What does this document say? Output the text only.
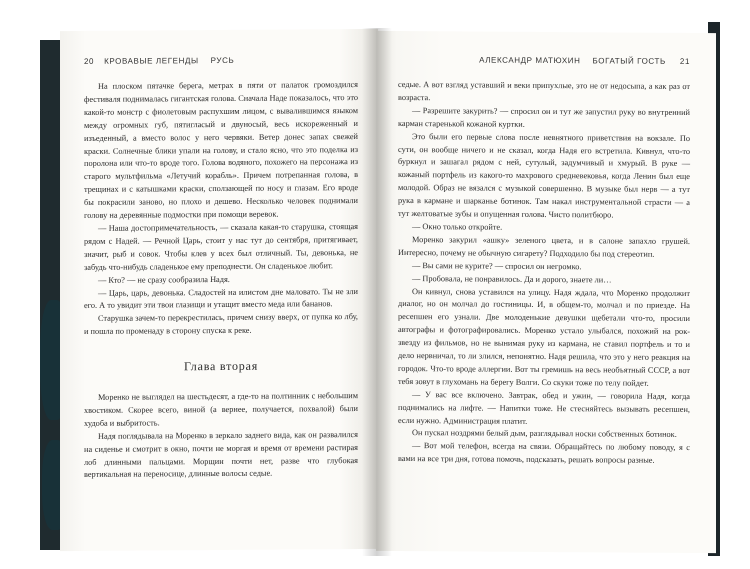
20 КРОВАВЫЕ ЛЕГЕНДЫ РУСЬ

На плоском пятачке берега, метрах в пяти от палаток громоздился фестиваля поднималась гигантская голова. Сначала Наде показалось, что это какой-то монстр с фиолетовым распухшим лицом, с вывалившимся языком между огромных губ, пятигласый и двуносый, весь искореженный и изъеденный, а вместо волос у него червяки. Ветер донес запах свежей краски. Солнечные блики упали на голову, и стало ясно, что это поделка из поролона или что-то вроде того. Голова водяного, похожего на персонажа из старого мультфильма «Летучий корабль». Причем потрепанная голова, в трещинах и с катышками краски, сползающей по носу и глазам. Его вроде бы покрасили заново, но плохо и дешево. Несколько человек поднимали голову на деревянные подмостки при помощи веревок.

— Наша достопримечательность, — сказала какая-то старушка, стоящая рядом с Надей. — Речной Царь, стоит у нас тут до сентября, притягивает, значит, рыб и совок. Чтобы клев у всех был отличный. Ты, девонька, не забудь что-нибудь сладенькое ему преподнести. Он сладенькое любит.

— Кто? — не сразу сообразила Надя.

— Царь, царь, девонька. Сладостей на илистом дне маловато. Ты не зли его. А то увидит эти твои глазищи и утащит вместо меда или бананов.

Старушка зачем-то перекрестилась, причем снизу вверх, от пупка ко лбу, и пошла по променаду в сторону спуска к реке.

Глава вторая

Моренко не выглядел на шестьдесят, а где-то на полтинник с небольшим хвостиком. Скорее всего, виной (а вернее, получается, похвалой) были худоба и выбритость.

Надя поглядывала на Моренко в зеркало заднего вида, как он развалился на сиденье и смотрит в окно, почти не моргая и время от времени растирая лоб длинными пальцами. Морщин почти нет, разве что глубокая вертикальная на переносице, длинные волосы седые.

АЛЕКСАНДР МАТЮХИН БОГАТЫЙ ГОСТЬ 21

седые. А вот взгляд уставший и веки припухлые, это не от недосыпа, а как раз от возраста.

— Разрешите закурить? — спросил он и тут же запустил руку во внутренний карман старенькой кожаной куртки.

Это были его первые слова после невнятного приветствия на вокзале. По сути, он вообще ничего и не сказал, когда Надя его встретила. Кивнул, что-то буркнул и зашагал рядом с ней, сутулый, задумчивый и хмурый. В руке — кожаный портфель из какого-то махрового средневековья, когда Ленин был еще молодой. Образ не вязался с музыкой совершенно. В музыке был нерв — а тут рука в кармане и шарканье ботинок. Там накал инструментальной страсти — а тут желтоватые зубы и опущенная голова. Чисто политбюро.

— Окно только откройте.

Моренко закурил «ашку» зеленого цвета, и в салоне запахло грушей. Интересно, почему не обычную сигарету? Подходило бы под стереотип.

— Вы сами не курите? — спросил он негромко.

— Пробовала, не понравилось. Да и дорого, знаете ли…

Он кивнул, снова уставился на улицу. Надя ждала, что Моренко продолжит диалог, но он молчал до гостиницы. И, в общем-то, молчал и по приезде. На ресепшен его узнали. Две молоденькие девушки щебетали что-то, просили автографы и фотографировались. Моренко устало улыбался, похожий на рок-звезду из фильмов, но не вынимая руку из кармана, не ставил портфель и то и дело нервничал, то ли злился, непонятно. Надя решила, что это у него реакция на городок. Что-то вроде аллергии. Вот ты гремишь на весь необъятный СССР, а вот тебя зовут в глухомань на берегу Волги. Со скуки тоже по телу пойдет.

— У вас все включено. Завтрак, обед и ужин, — говорила Надя, когда поднимались на лифте. — Напитки тоже. Не стесняйтесь вызывать ресепшен, если нужно. Администрация платит.

Он пускал ноздрями белый дым, разглядывал носки собственных ботинок.

— Вот мой телефон, всегда на связи. Обращайтесь по любому поводу, я с вами на все три дня, готова помочь, подсказать, решать вопросы разные.
